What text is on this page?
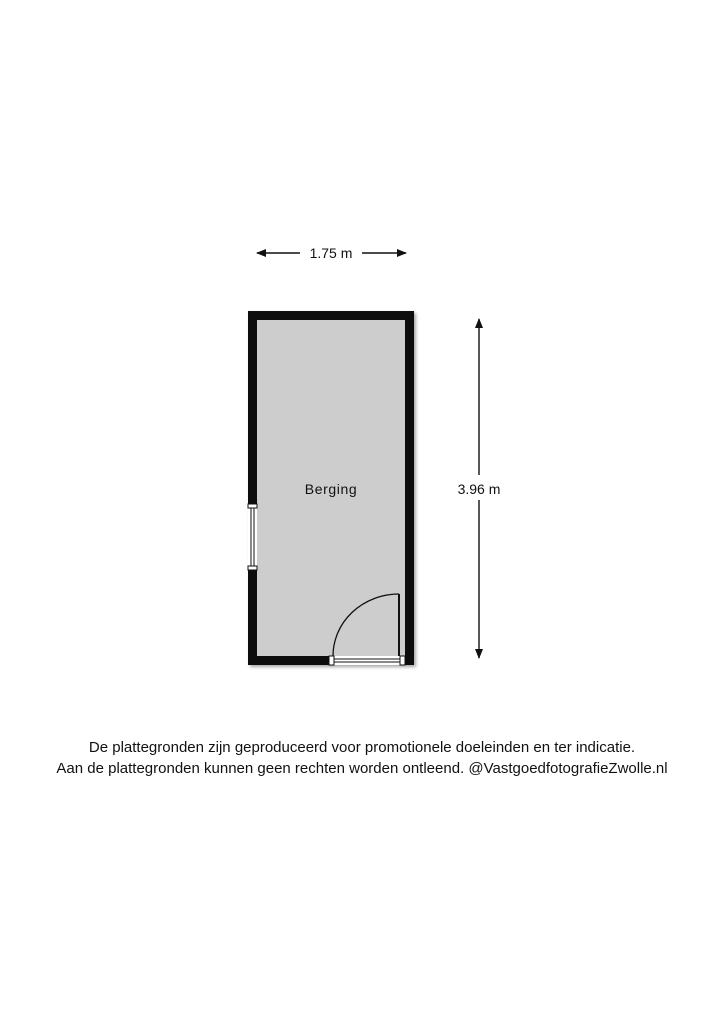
1.75 m
3.96 m
Berging
De plattegronden zijn geproduceerd voor promotionele doeleinden en ter indicatie.
Aan de plattegronden kunnen geen rechten worden ontleend. @VastgoedfotografieZwolle.nl
